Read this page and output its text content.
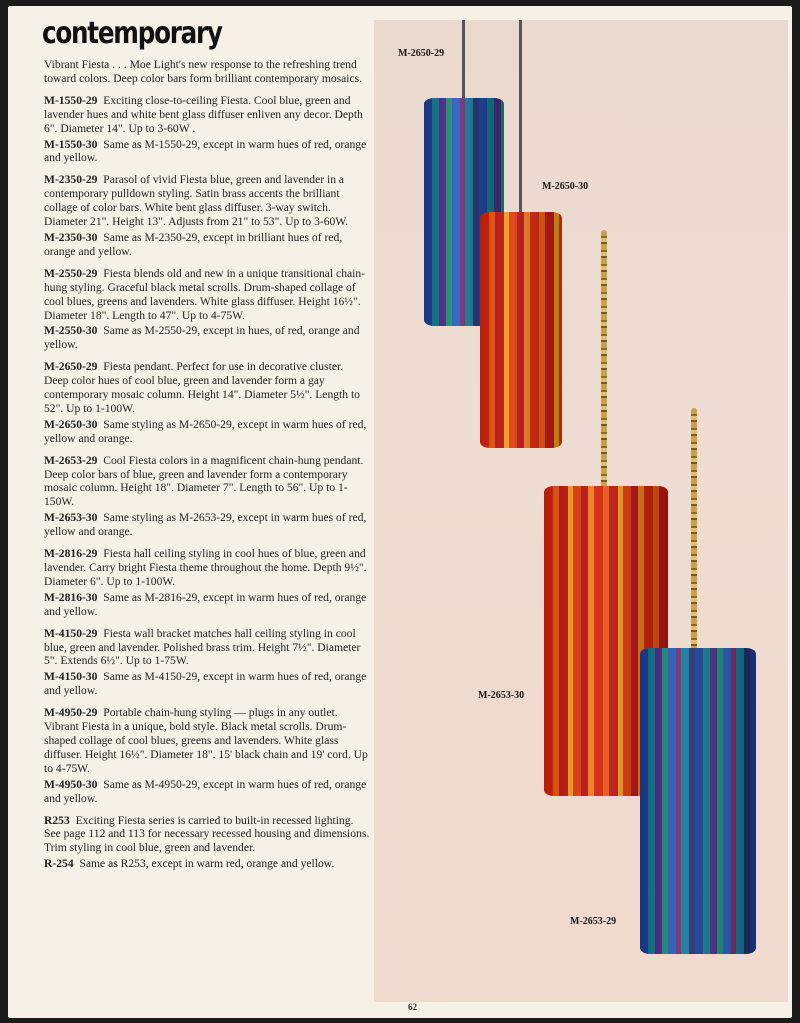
contemporary

Vibrant Fiesta . . . Moe Light's new response to the refreshing trend toward colors. Deep color bars form brilliant contemporary mosaics.

M-1550-29 Exciting close-to-ceiling Fiesta. Cool blue, green and lavender hues and white bent glass diffuser enliven any decor. Depth 6". Diameter 14". Up to 3-60W .

M-1550-30 Same as M-1550-29, except in warm hues of red, orange and yellow.

M-2350-29 Parasol of vivid Fiesta blue, green and lavender in a contemporary pulldown styling. Satin brass accents the brilliant collage of color bars. White bent glass diffuser. 3-way switch. Diameter 21". Height 13". Adjusts from 21" to 53". Up to 3-60W.

M-2350-30 Same as M-2350-29, except in brilliant hues of red, orange and yellow.

M-2550-29 Fiesta blends old and new in a unique transitional chain-hung styling. Graceful black metal scrolls. Drum-shaped collage of cool blues, greens and lavenders. White glass diffuser. Height 16½". Diameter 18". Length to 47". Up to 4-75W.

M-2550-30 Same as M-2550-29, except in hues, of red, orange and yellow.

M-2650-29 Fiesta pendant. Perfect for use in decorative cluster. Deep color hues of cool blue, green and lavender form a gay contemporary mosaic column. Height 14". Diameter 5½". Length to 52". Up to 1-100W.

M-2650-30 Same styling as M-2650-29, except in warm hues of red, yellow and orange.

M-2653-29 Cool Fiesta colors in a magnificent chain-hung pendant. Deep color bars of blue, green and lavender form a contemporary mosaic column. Height 18". Diameter 7". Length to 56". Up to 1-150W.

M-2653-30 Same styling as M-2653-29, except in warm hues of red, yellow and orange.

M-2816-29 Fiesta hall ceiling styling in cool hues of blue, green and lavender. Carry bright Fiesta theme throughout the home. Depth 9½". Diameter 6". Up to 1-100W.

M-2816-30 Same as M-2816-29, except in warm hues of red, orange and yellow.

M-4150-29 Fiesta wall bracket matches hall ceiling styling in cool blue, green and lavender. Polished brass trim. Height 7½". Diameter 5". Extends 6½". Up to 1-75W.

M-4150-30 Same as M-4150-29, except in warm hues of red, orange and yellow.

M-4950-29 Portable chain-hung styling — plugs in any outlet. Vibrant Fiesta in a unique, bold style. Black metal scrolls. Drum-shaped collage of cool blues, greens and lavenders. White glass diffuser. Height 16½". Diameter 18". 15' black chain and 19' cord. Up to 4-75W.

M-4950-30 Same as M-4950-29, except in warm hues of red, orange and yellow.

R253 Exciting Fiesta series is carried to built-in recessed lighting. See page 112 and 113 for necessary recessed housing and dimensions. Trim styling in cool blue, green and lavender.

R-254 Same as R253, except in warm red, orange and yellow.

M-2650-29
M-2650-30
M-2653-30
M-2653-29
62
